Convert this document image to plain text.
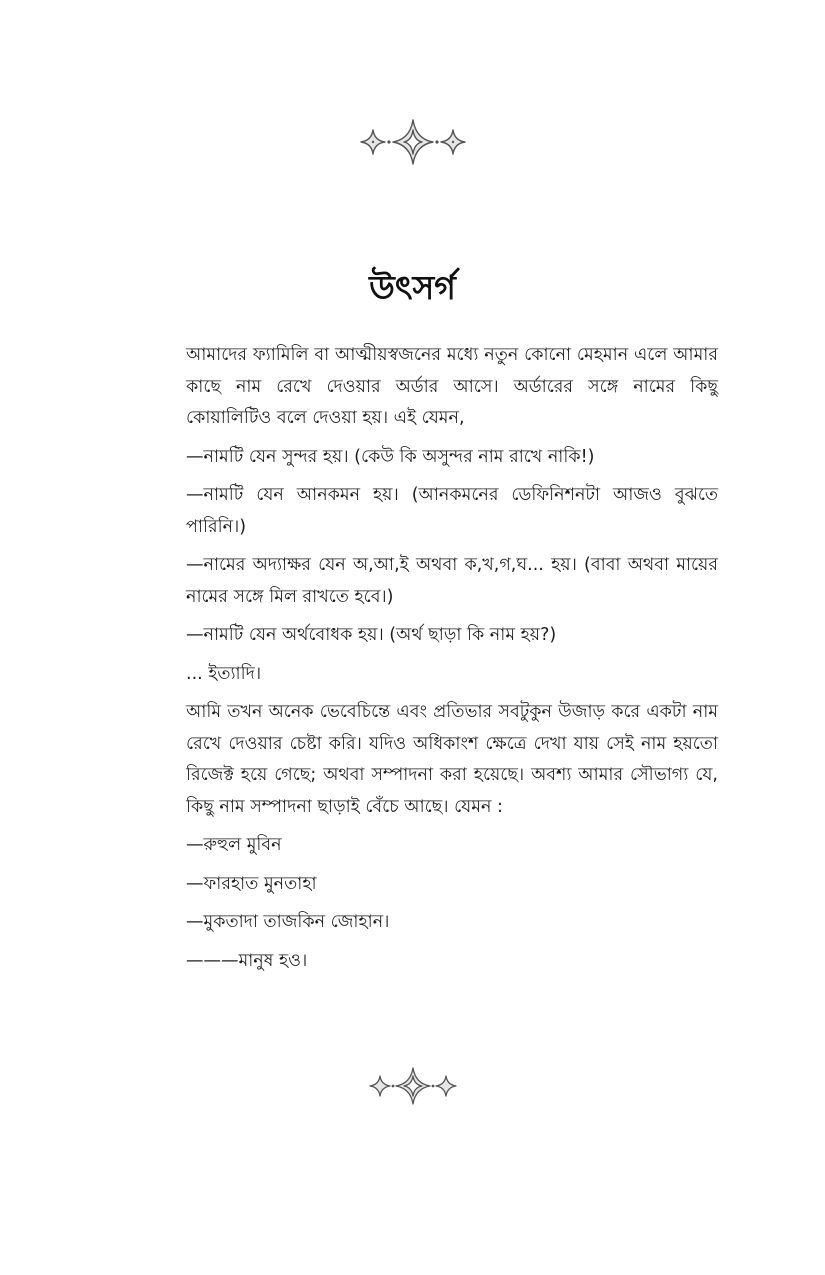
উৎসর্গ

আমাদের ফ্যামিলি বা আত্মীয়স্বজনের মধ্যে নতুন কোনো মেহমান এলে আমার কাছে নাম রেখে দেওয়ার অর্ডার আসে। অর্ডারের সঙ্গে নামের কিছু কোয়ালিটিও বলে দেওয়া হয়। এই যেমন,

—নামটি যেন সুন্দর হয়। (কেউ কি অসুন্দর নাম রাখে নাকি!)

—নামটি যেন আনকমন হয়। (আনকমনের ডেফিনিশনটা আজও বুঝতে পারিনি।)

—নামের অদ্যাক্ষর যেন অ,আ,ই অথবা ক,খ,গ,ঘ... হয়। (বাবা অথবা মায়ের নামের সঙ্গে মিল রাখতে হবে।)

—নামটি যেন অর্থবোধক হয়। (অর্থ ছাড়া কি নাম হয়?)

... ইত্যাদি।

আমি তখন অনেক ভেবেচিন্তে এবং প্রতিভার সবটুকুন উজাড় করে একটা নাম রেখে দেওয়ার চেষ্টা করি। যদিও অধিকাংশ ক্ষেত্রে দেখা যায় সেই নাম হয়তো রিজেক্ট হয়ে গেছে; অথবা সম্পাদনা করা হয়েছে। অবশ্য আমার সৌভাগ্য যে, কিছু নাম সম্পাদনা ছাড়াই বেঁচে আছে। যেমন :

—রুহুল মুবিন

—ফারহাত মুনতাহা

—মুকতাদা তাজকিন জোহান।

———মানুষ হও।
